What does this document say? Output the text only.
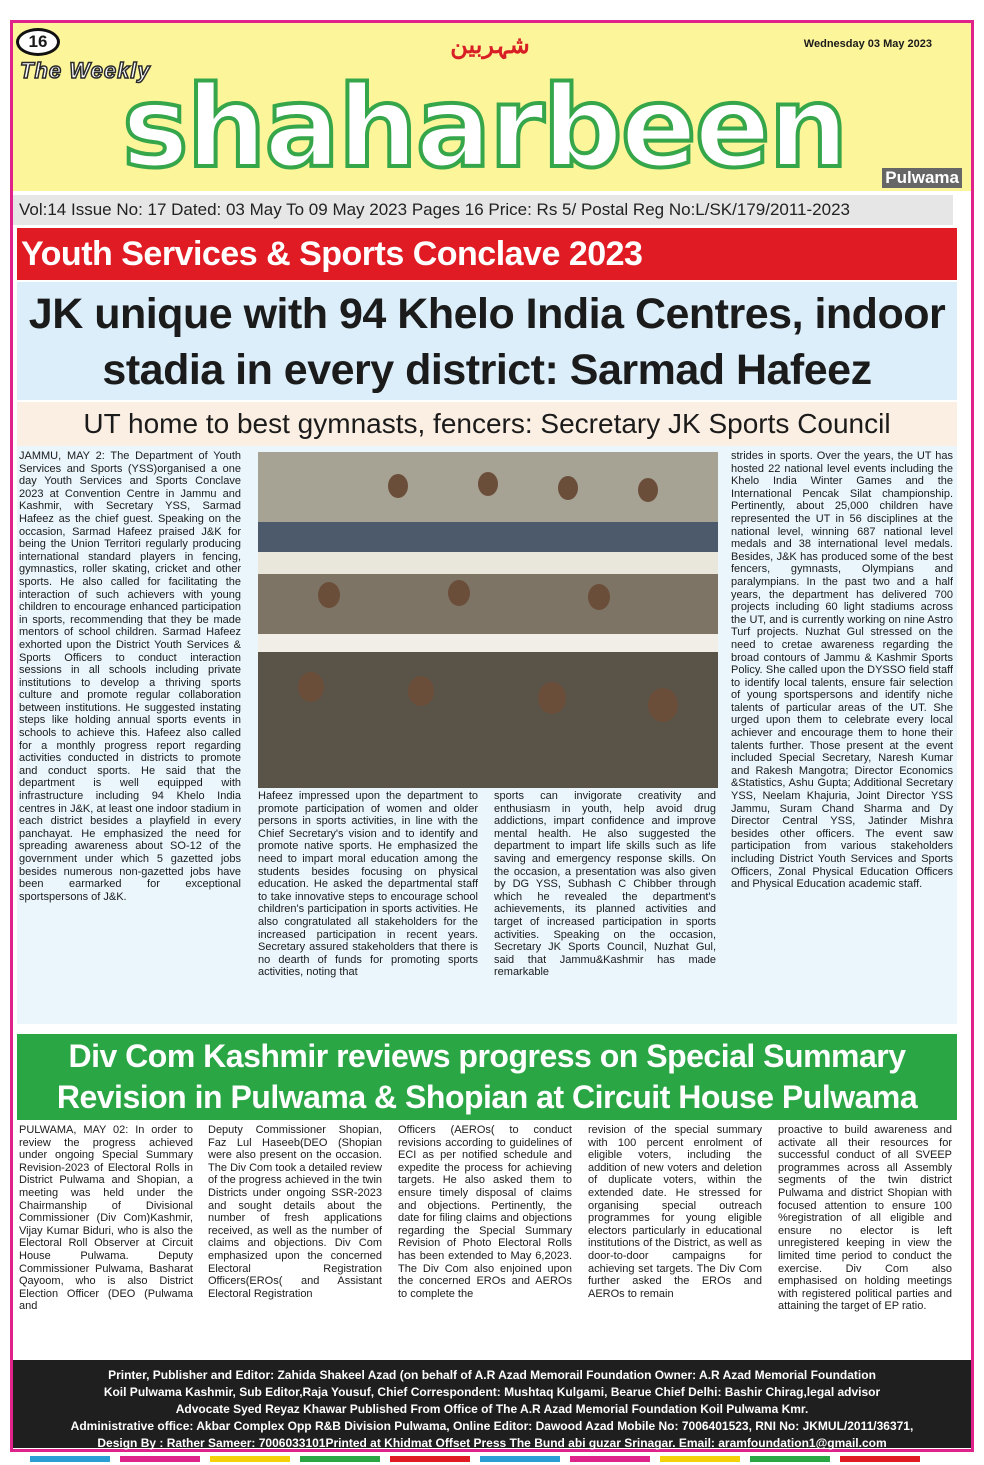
16
The Weekly
شہربین	Wednesday 03 May 2023
shaharbeen Pulwama
Vol:14 Issue No: 17 Dated: 03 May To 09 May 2023 Pages 16 Price: Rs 5/ Postal Reg No:L/SK/179/2011-2023
Youth Services & Sports Conclave 2023
JK unique with 94 Khelo India Centres, indoor
stadia in every district: Sarmad Hafeez
UT home to best gymnasts, fencers: Secretary JK Sports Council
JAMMU, MAY 2: The Department of Youth Services and Sports (YSS)organised a one day Youth Services and Sports Conclave 2023 at Convention Centre in Jammu and Kashmir, with Secretary YSS, Sarmad Hafeez as the chief guest. Speaking on the occasion, Sarmad Hafeez praised J&K for being the Union Territori regularly producing international standard players in fencing, gymnastics, roller skating, cricket and other sports. He also called for facilitating the interaction of such achievers with young children to encourage enhanced participation in sports, recommending that they be made mentors of school children. Sarmad Hafeez exhorted upon the District Youth Services & Sports Officers to conduct interaction sessions in all schools including private institutions to develop a thriving sports culture and promote regular collaboration between institutions. He suggested instating steps like holding annual sports events in schools to achieve this. Hafeez also called for a monthly progress report regarding activities conducted in districts to promote and conduct sports. He said that the department is well equipped with infrastructure including 94 Khelo India centres in J&K, at least one indoor stadium in each district besides a playfield in every panchayat. He emphasized the need for spreading awareness about SO-12 of the government under which 5 gazetted jobs besides numerous non-gazetted jobs have been earmarked for exceptional sportspersons of J&K.
Hafeez impressed upon the department to promote participation of women and older persons in sports activities, in line with the Chief Secretary's vision and to identify and promote native sports. He emphasized the need to impart moral education among the students besides focusing on physical education. He asked the departmental staff to take innovative steps to encourage school children's participation in sports activities. He also congratulated all stakeholders for the increased participation in recent years. Secretary assured stakeholders that there is no dearth of funds for promoting sports activities, noting that
sports can invigorate creativity and enthusiasm in youth, help avoid drug addictions, impart confidence and improve mental health. He also suggested the department to impart life skills such as life saving and emergency response skills. On the occasion, a presentation was also given by DG YSS, Subhash C Chibber through which he revealed the department's achievements, its planned activities and target of increased participation in sports activities. Speaking on the occasion, Secretary JK Sports Council, Nuzhat Gul, said that Jammu&Kashmir has made remarkable
strides in sports. Over the years, the UT has hosted 22 national level events including the Khelo India Winter Games and the International Pencak Silat championship. Pertinently, about 25,000 children have represented the UT in 56 disciplines at the national level, winning 687 national level medals and 38 international level medals. Besides, J&K has produced some of the best fencers, gymnasts, Olympians and paralympians. In the past two and a half years, the department has delivered 700 projects including 60 light stadiums across the UT, and is currently working on nine Astro Turf projects. Nuzhat Gul stressed on the need to cretae awareness regarding the broad contours of Jammu & Kashmir Sports Policy. She called upon the DYSSO field staff to identify local talents, ensure fair selection of young sportspersons and identify niche talents of particular areas of the UT. She urged upon them to celebrate every local achiever and encourage them to hone their talents further. Those present at the event included Special Secretary, Naresh Kumar and Rakesh Mangotra; Director Economics &Statistics, Ashu Gupta; Additional Secretary YSS, Neelam Khajuria, Joint Director YSS Jammu, Suram Chand Sharma and Dy Director Central YSS, Jatinder Mishra besides other officers. The event saw participation from various stakeholders including District Youth Services and Sports Officers, Zonal Physical Education Officers and Physical Education academic staff.
Div Com Kashmir reviews progress on Special Summary
Revision in Pulwama & Shopian at Circuit House Pulwama
PULWAMA, MAY 02: In order to review the progress achieved under ongoing Special Summary Revision-2023 of Electoral Rolls in District Pulwama and Shopian, a meeting was held under the Chairmanship of Divisional Commissioner (Div Com)Kashmir, Vijay Kumar Biduri, who is also the Electoral Roll Observer at Circuit House Pulwama. Deputy Commissioner Pulwama, Basharat Qayoom, who is also District Election Officer (DEO (Pulwama and
Deputy Commissioner Shopian, Faz Lul Haseeb(DEO (Shopian were also present on the occasion. The Div Com took a detailed review of the progress achieved in the twin Districts under ongoing SSR-2023 and sought details about the number of fresh applications received, as well as the number of claims and objections. Div Com emphasized upon the concerned Electoral Registration Officers(EROs( and Assistant Electoral Registration
Officers (AEROs( to conduct revisions according to guidelines of ECI as per notified schedule and expedite the process for achieving targets. He also asked them to ensure timely disposal of claims and objections. Pertinently, the date for filing claims and objections regarding the Special Summary Revision of Photo Electoral Rolls has been extended to May 6,2023. The Div Com also enjoined upon the concerned EROs and AEROs to complete the
revision of the special summary with 100 percent enrolment of eligible voters, including the addition of new voters and deletion of duplicate voters, within the extended date. He stressed for organising special outreach programmes for young eligible electors particularly in educational institutions of the District, as well as door-to-door campaigns for achieving set targets. The Div Com further asked the EROs and AEROs to remain
proactive to build awareness and activate all their resources for successful conduct of all SVEEP programmes across all Assembly segments of the twin district Pulwama and district Shopian with focused attention to ensure 100 %registration of all eligible and ensure no elector is left unregistered keeping in view the limited time period to conduct the exercise. Div Com also emphasised on holding meetings with registered political parties and attaining the target of EP ratio.
Printer, Publisher and Editor: Zahida Shakeel Azad (on behalf of A.R Azad Memorail Foundation Owner: A.R Azad Memorial Foundation
Koil Pulwama Kashmir, Sub Editor,Raja Yousuf, Chief Correspondent: Mushtaq Kulgami, Bearue Chief Delhi: Bashir Chirag,legal advisor
Advocate Syed Reyaz Khawar Published From Office of The A.R Azad Memorial Foundation Koil Pulwama Kmr.
Administrative office: Akbar Complex Opp R&B Division Pulwama, Online Editor: Dawood Azad Mobile No: 7006401523, RNI No: JKMUL/2011/36371,
Design By : Rather Sameer: 7006033101Printed at Khidmat Offset Press The Bund abi guzar Srinagar. Email: aramfoundation1@gmail.com
